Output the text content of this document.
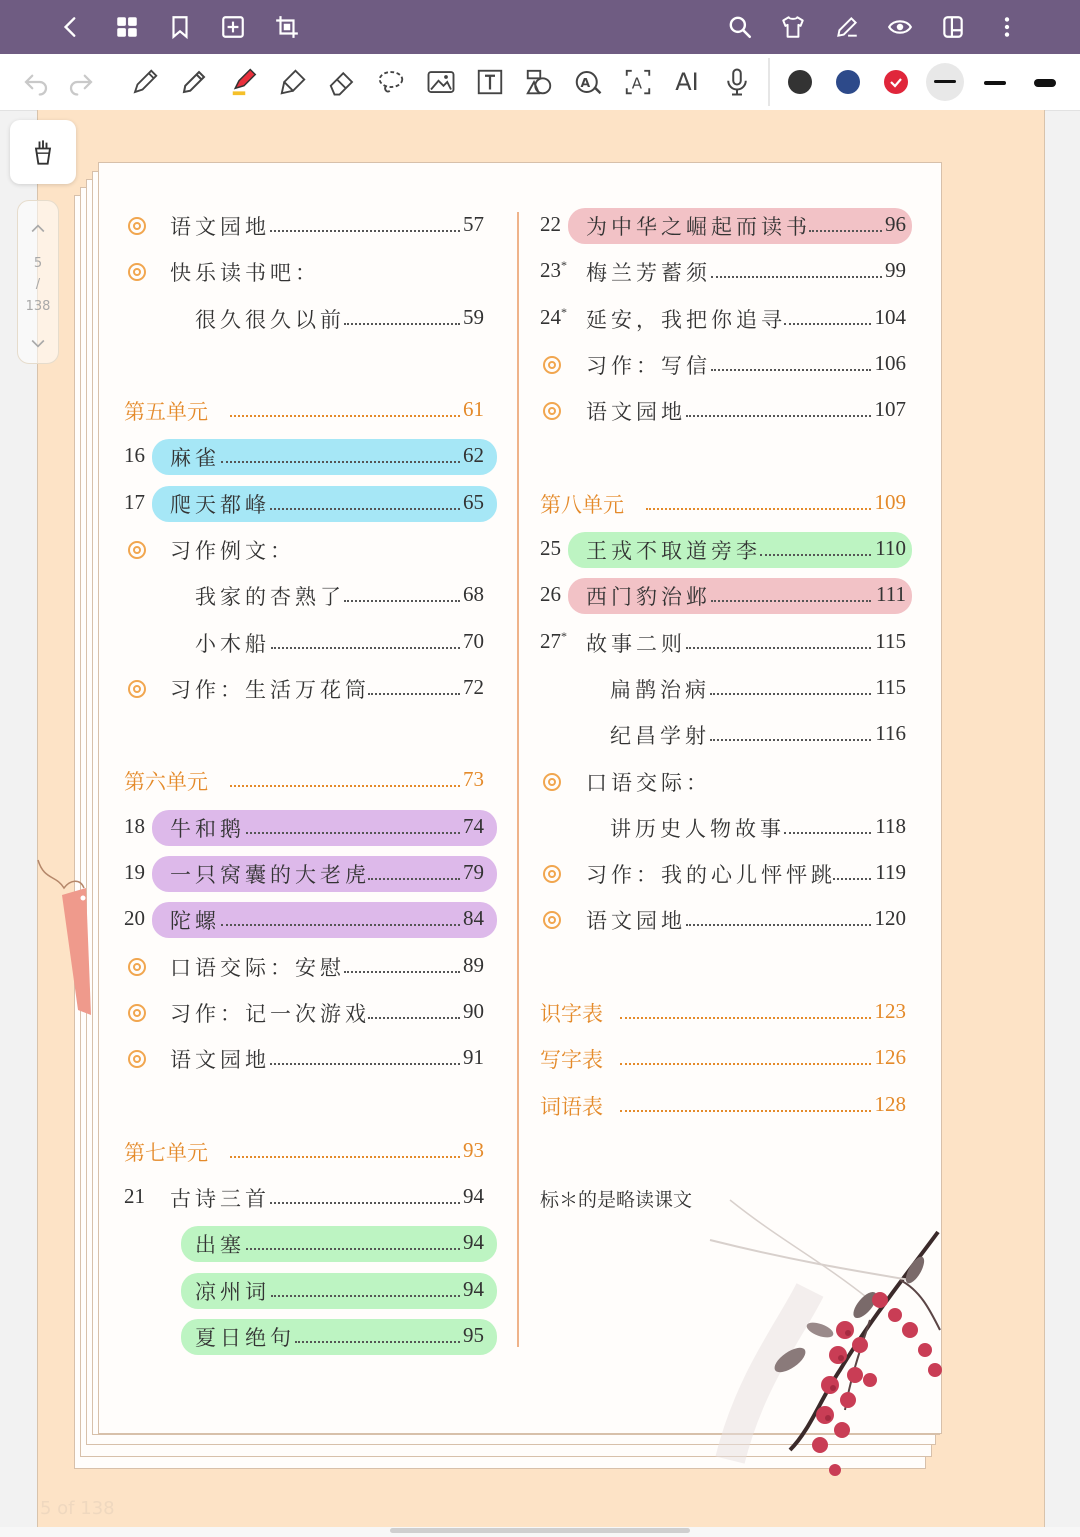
A	A AI
5
/
138
语文园地	57
快乐读书吧：
很久很久以前	59
第五单元	61
16 麻雀	62
17 爬天都峰	65
习作例文：
我家的杏熟了	68
小木船	70
习作：生活万花筒	72
第六单元	73
18 牛和鹅	74
19 一只窝囊的大老虎	79
20 陀螺	84
口语交际：安慰	89
习作：记一次游戏	90
语文园地	91
第七单元	93
21 古诗三首	94
出塞	94
凉州词	94
夏日绝句	95
22 为中华之崛起而读书	96
23* 梅兰芳蓄须	99
24* 延安，我把你追寻	104
习作：写信	106
语文园地	107
第八单元	109
25 王戎不取道旁李	110
26 西门豹治邺	111
27* 故事二则	115
扁鹊治病	115
纪昌学射	116
口语交际：
讲历史人物故事	118
习作：我的心儿怦怦跳	119
语文园地	120
识字表	123
写字表	126
词语表	128
标＊的是略读课文
5 of 138
